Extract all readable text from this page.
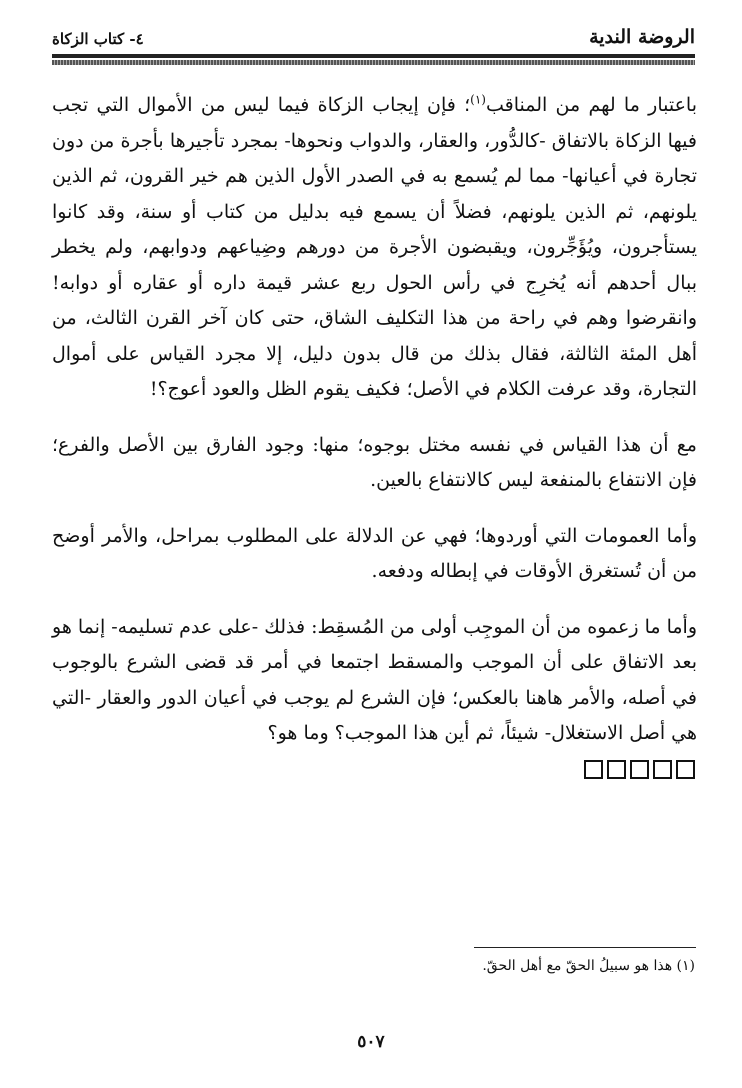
الروضة الندية
٤- كتاب الزكاة

باعتبار ما لهم من المناقب$^{(١)}$؛ فإن إيجاب الزكاة فيما ليس من الأموال التي تجب فيها الزكاة بالاتفاق -كالدُّور، والعقار، والدواب ونحوها- بمجرد تأجيرها بأجرة من دون تجارة في أعيانها- مما لم يُسمع به في الصدر الأول الذين هم خير القرون، ثم الذين يلونهم، ثم الذين يلونهم، فضلاً أن يسمع فيه بدليل من كتاب أو سنة، وقد كانوا يستأجرون، ويُؤَجِّرون، ويقبضون الأجرة من دورهم وضِياعهم ودوابهم، ولم يخطر ببال أحدهم أنه يُخرِج في رأس الحول ربع عشر قيمة داره أو عقاره أو دوابه! وانقرضوا وهم في راحة من هذا التكليف الشاق، حتى كان آخر القرن الثالث، من أهل المئة الثالثة، فقال بذلك من قال بدون دليل، إلا مجرد القياس على أموال التجارة، وقد عرفت الكلام في الأصل؛ فكيف يقوم الظل والعود أعوج؟!

مع أن هذا القياس في نفسه مختل بوجوه؛ منها: وجود الفارق بين الأصل والفرع؛ فإن الانتفاع بالمنفعة ليس كالانتفاع بالعين.

وأما العمومات التي أوردوها؛ فهي عن الدلالة على المطلوب بمراحل، والأمر أوضح من أن تُستغرق الأوقات في إبطاله ودفعه.

وأما ما زعموه من أن الموجِب أولى من المُسقِط: فذلك -على عدم تسليمه- إنما هو بعد الاتفاق على أن الموجب والمسقط اجتمعا في أمر قد قضى الشرع بالوجوب في أصله، والأمر هاهنا بالعكس؛ فإن الشرع لم يوجب في أعيان الدور والعقار -التي هي أصل الاستغلال- شيئاً، ثم أين هذا الموجب؟ وما هو؟

(١) هذا هو سبيلُ الحقّ مع أهل الحقّ.
٥٠٧
